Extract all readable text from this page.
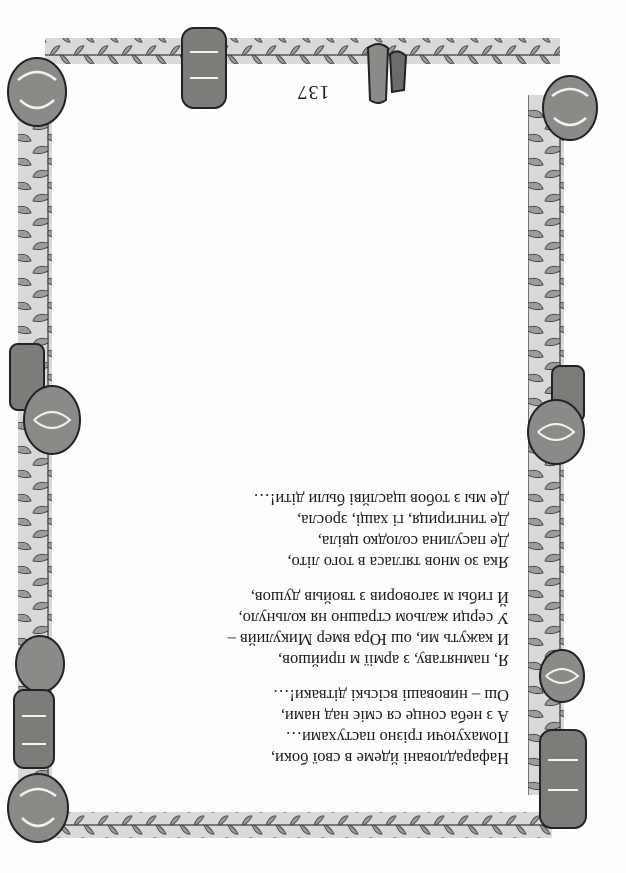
137
Нафарадловані йдеме в свої боки,
Помахуючи грізно пастухами…
А з неба сонце ся сміє над нами,
Ош – нивовашi всiськi дітваки!…
Я, памнятаву, з армії м прийшов,
И кажуть ми, ош Юра вмер Микулийв –
У серци жальом страшно ня кольнуло,
Й гибы м заговорив з твойыв душов,
Яка зо мнов тягласа в того літо,
Де пасулина солодко цвіла,
Де тингириця, гі хащі, зросла,
Де мы з тобов щаслйві были діти!…
